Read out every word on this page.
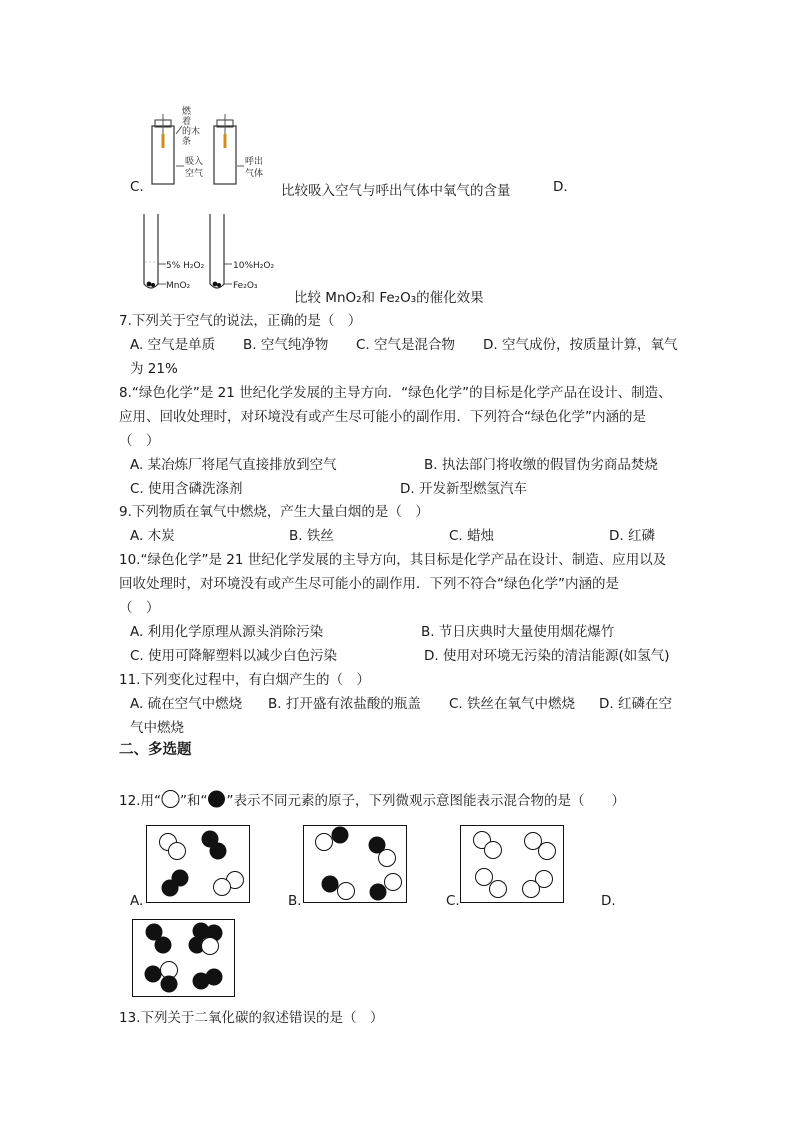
燃
着
的木
条
吸入
空气
呼出
气体
C.	比较吸入空气与呼出气体中氧气的含量	D.
5% H₂O₂
MnO₂
10%H₂O₂
Fe₂O₃
比较 MnO₂和 Fe₂O₃的催化效果
7.下列关于空气的说法，正确的是（　）
A. 空气是单质 B. 空气纯净物 C. 空气是混合物 D. 空气成份，按质量计算，氧气
为 21%
8.“绿色化学”是 21 世纪化学发展的主导方向．“绿色化学”的目标是化学产品在设计、制造、
应用、回收处理时，对环境没有或产生尽可能小的副作用．下列符合“绿色化学”内涵的是
（　）
A. 某冶炼厂将尾气直接排放到空气	B. 执法部门将收缴的假冒伪劣商品焚烧
C. 使用含磷洗涤剂	D. 开发新型燃氢汽车
9.下列物质在氧气中燃烧，产生大量白烟的是（　）
A. 木炭	B. 铁丝	C. 蜡烛	D. 红磷
10.“绿色化学”是 21 世纪化学发展的主导方向，其目标是化学产品在设计、制造、应用以及
回收处理时，对环境没有或产生尽可能小的副作用．下列不符合“绿色化学”内涵的是
（　）
A. 利用化学原理从源头消除污染	B. 节日庆典时大量使用烟花爆竹
C. 使用可降解塑料以减少白色污染	D. 使用对环境无污染的清洁能源(如氢气)
11.下列变化过程中，有白烟产生的（　）
A. 硫在空气中燃烧 B. 打开盛有浓盐酸的瓶盖 C. 铁丝在氧气中燃烧 D. 红磷在空
气中燃烧
二、多选题
12.用“ ”和“ ”表示不同元素的原子，下列微观示意图能表示混合物的是（　　）
A.	B.	C.	D.
13.下列关于二氧化碳的叙述错误的是（　）
